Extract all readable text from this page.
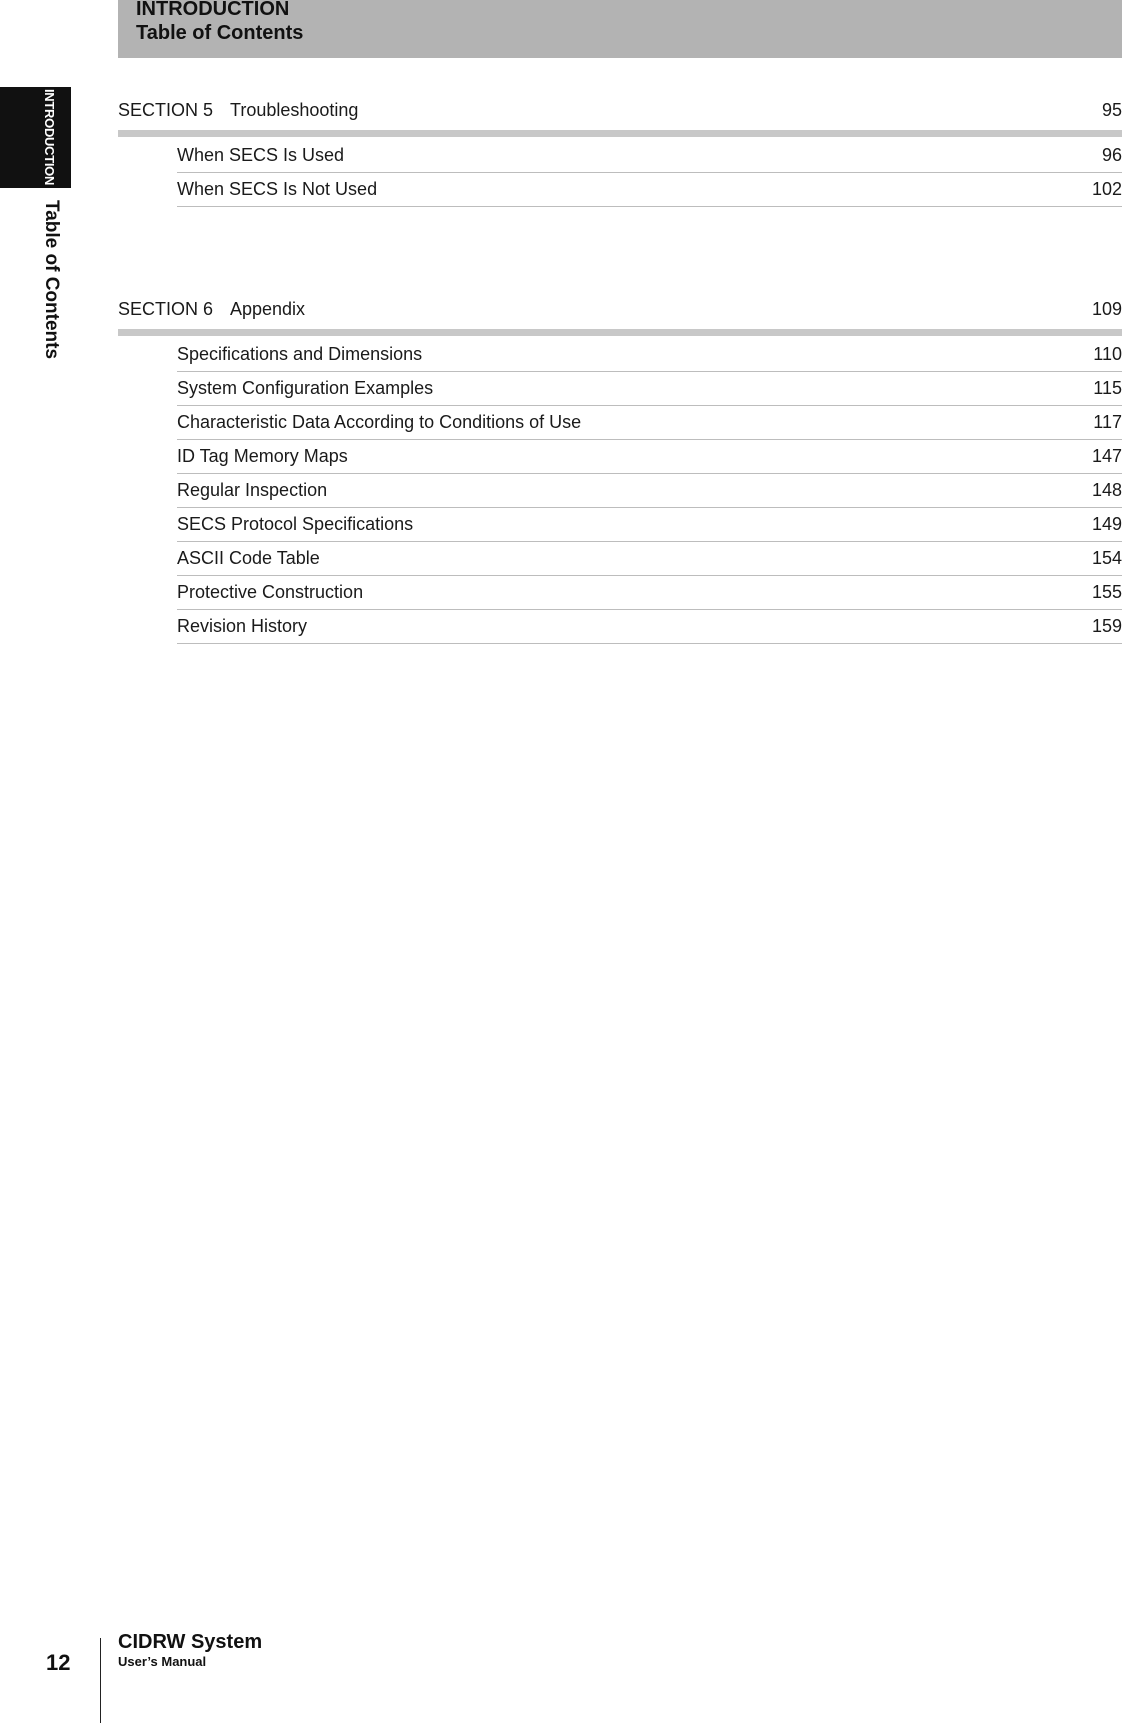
INTRODUCTION
Table of Contents
INTRODUCTION
Table of Contents
SECTION 5 Troubleshooting	95
When SECS Is Used	96
When SECS Is Not Used	102
SECTION 6 Appendix	109
Specifications and Dimensions	110
System Configuration Examples	115
Characteristic Data According to Conditions of Use	117
ID Tag Memory Maps	147
Regular Inspection	148
SECS Protocol Specifications	149
ASCII Code Table	154
Protective Construction	155
Revision History	159
12
CIDRW System
User’s Manual
